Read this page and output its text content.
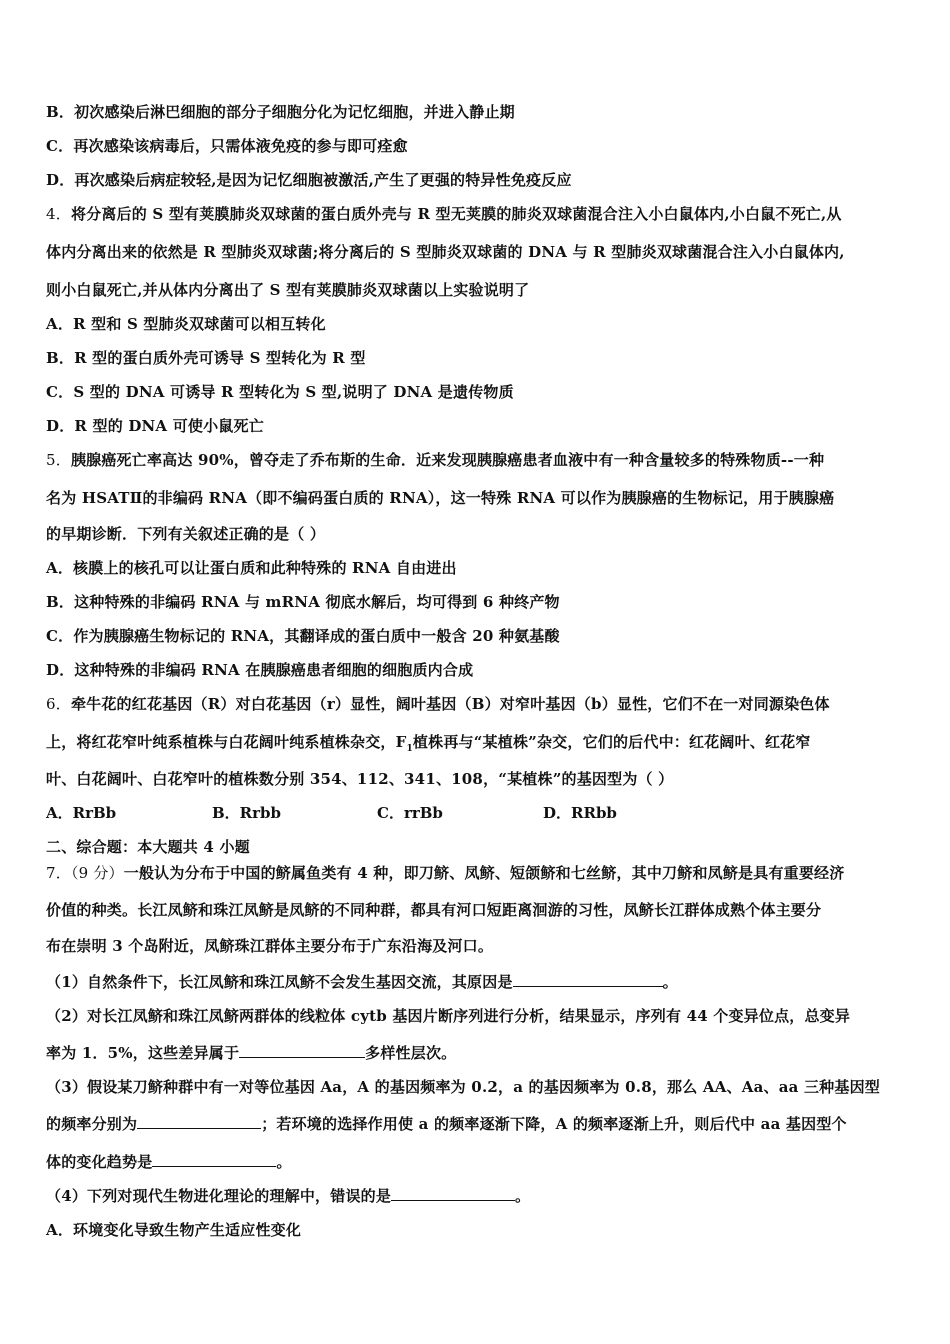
B．初次感染后淋巴细胞的部分子细胞分化为记忆细胞，并进入静止期
C．再次感染该病毒后，只需体液免疫的参与即可痊愈
D．再次感染后病症较轻,是因为记忆细胞被激活,产生了更强的特异性免疫反应
4．将分离后的 S 型有荚膜肺炎双球菌的蛋白质外壳与 R 型无荚膜的肺炎双球菌混合注入小白鼠体内,小白鼠不死亡,从
体内分离出来的依然是 R 型肺炎双球菌;将分离后的 S 型肺炎双球菌的 DNA 与 R 型肺炎双球菌混合注入小白鼠体内,
则小白鼠死亡,并从体内分离出了 S 型有荚膜肺炎双球菌以上实验说明了
A．R 型和 S 型肺炎双球菌可以相互转化
B．R 型的蛋白质外壳可诱导 S 型转化为 R 型
C．S 型的 DNA 可诱导 R 型转化为 S 型,说明了 DNA 是遗传物质
D．R 型的 DNA 可使小鼠死亡
5．胰腺癌死亡率高达 90%，曾夺走了乔布斯的生命．近来发现胰腺癌患者血液中有一种含量较多的特殊物质--一种
名为 HSATⅡ的非编码 RNA（即不编码蛋白质的 RNA），这一特殊 RNA 可以作为胰腺癌的生物标记，用于胰腺癌
的早期诊断．下列有关叙述正确的是（ ）
A．核膜上的核孔可以让蛋白质和此种特殊的 RNA 自由进出
B．这种特殊的非编码 RNA 与 mRNA 彻底水解后，均可得到 6 种终产物
C．作为胰腺癌生物标记的 RNA，其翻译成的蛋白质中一般含 20 种氨基酸
D．这种特殊的非编码 RNA 在胰腺癌患者细胞的细胞质内合成
6．牵牛花的红花基因（R）对白花基因（r）显性，阔叶基因（B）对窄叶基因（b）显性，它们不在一对同源染色体
上，将红花窄叶纯系植株与白花阔叶纯系植株杂交，$F_1$植株再与“某植株”杂交，它们的后代中：红花阔叶、红花窄
叶、白花阔叶、白花窄叶的植株数分别 354、112、341、108，“某植株”的基因型为（ ）
A．RrBb	B．Rrbb	C．rrBb	D．RRbb
二、综合题：本大题共 4 小题
7．（9 分）一般认为分布于中国的鲚属鱼类有 4 种，即刀鲚、凤鲚、短颌鲚和七丝鲚，其中刀鲚和凤鲚是具有重要经济
价值的种类。长江凤鲚和珠江凤鲚是凤鲚的不同种群，都具有河口短距离洄游的习性，凤鲚长江群体成熟个体主要分
布在崇明 3 个岛附近，凤鲚珠江群体主要分布于广东沿海及河口。
（1）自然条件下，长江凤鲚和珠江凤鲚不会发生基因交流，其原因是	。
（2）对长江凤鲚和珠江凤鲚两群体的线粒体 cytb 基因片断序列进行分析，结果显示，序列有 44 个变异位点，总变异
率为 1．5%，这些差异属于	多样性层次。
（3）假设某刀鲚种群中有一对等位基因 Aa，A 的基因频率为 0.2，a 的基因频率为 0.8，那么 AA、Aa、aa 三种基因型
的频率分别为	；若环境的选择作用使 a 的频率逐渐下降，A 的频率逐渐上升，则后代中 aa 基因型个
体的变化趋势是	。
（4）下列对现代生物进化理论的理解中，错误的是	。
A．环境变化导致生物产生适应性变化
